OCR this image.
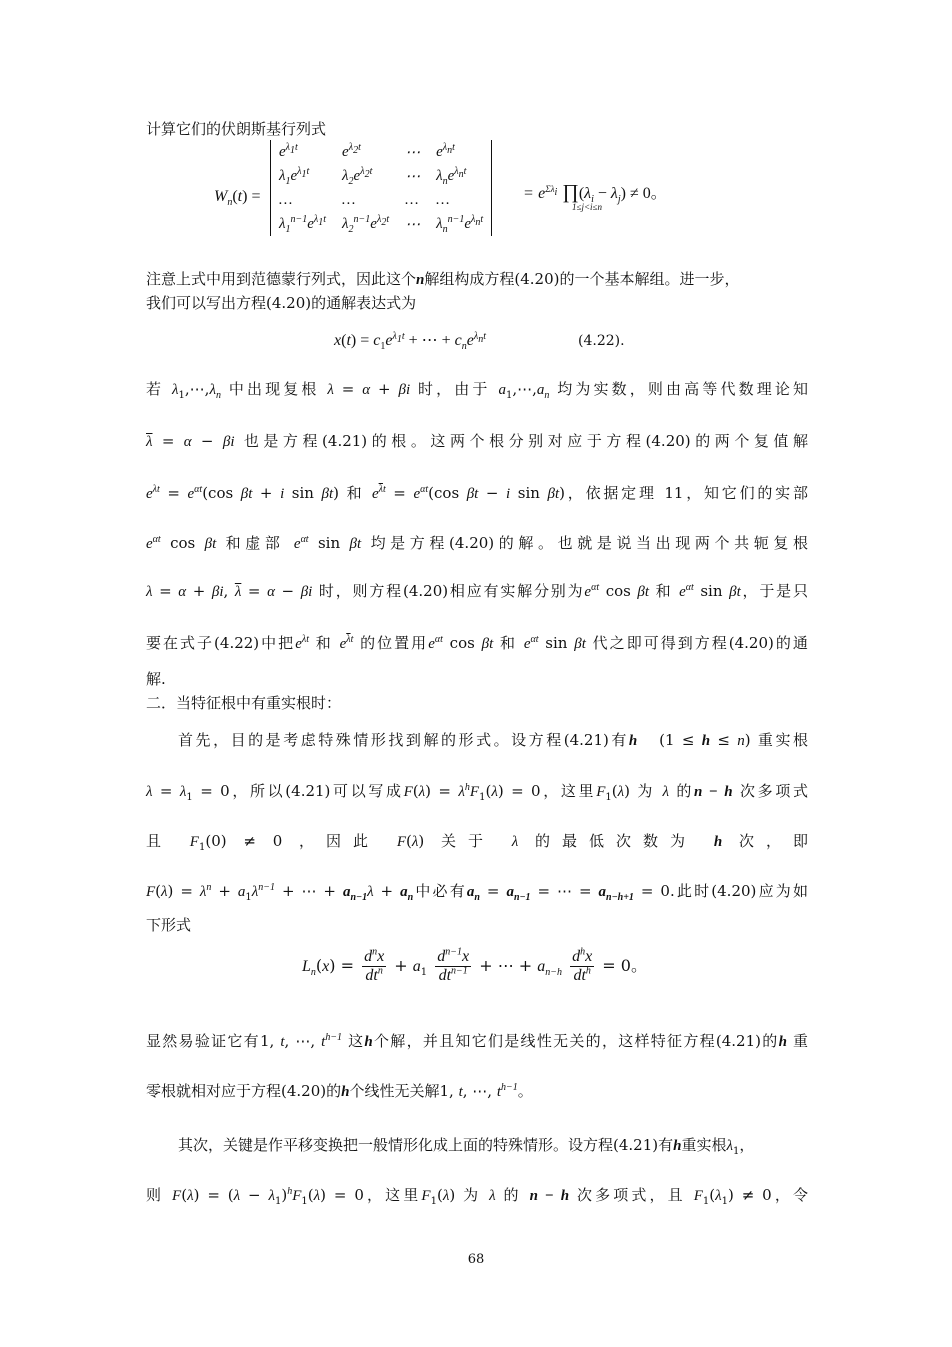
计算它们的伏朗斯基行列式
$W_n(t)$ =
$e^{\lambda_1t}$	$e^{\lambda_2t}$	⋯	$e^{\lambda_nt}$
$\lambda_1e^{\lambda_1t}$	$\lambda_2e^{\lambda_2t}$	⋯	$\lambda_ne^{\lambda_nt}$
…	…	…	…
$\lambda_1^{n-1}e^{\lambda_1t}$	$\lambda_2^{n-1}e^{\lambda_2t}$	⋯	$\lambda_n^{n-1}e^{\lambda_nt}$
= $e^{\Sigma\lambda_i}$ $\prod(\lambda_i - \lambda_j) \ne 0$。
1≤j<i≤n
注意上式中用到范德蒙行列式，因此这个n解组构成方程(4.20)的一个基本解组。进一步，
我们可以写出方程(4.20)的通解表达式为
$x(t) = c_1e^{\lambda_1t}$ + ⋯ + $c_ne^{\lambda_nt}$	(4.22).
若 $\lambda_1,\cdots,\lambda_n$ 中出现复根 λ = α + βi 时，由于 $a_1,\cdots,a_n$ 均为实数，则由高等代数理论知
$\overline{\lambda} = \alpha - \beta i$ 也是方程(4.21)的根。这两个根分别对应于方程(4.20)的两个复值解
$e^{\lambda t} = e^{\alpha t}(\cos$ βt + i sin βt) 和 $e^{\overline{\lambda}t} = e^{\alpha t}(\cos$ βt − i sin βt)，依据定理 11，知它们的实部
$e^{\alpha t}$ cos βt 和虚部 $e^{\alpha t}$ sin βt 均是方程(4.20)的解。也就是说当出现两个共轭复根
λ = α + βi, $\overline{\lambda} = \alpha - \beta i$ 时，则方程(4.20)相应有实解分别为$e^{\alpha t}$ cos βt 和 $e^{\alpha t}$ sin βt，于是只
要在式子(4.22)中把$e^{\lambda t}$ 和 $e^{\overline{\lambda}t}$ 的位置用$e^{\alpha t}$ cos βt 和 $e^{\alpha t}$ sin βt 代之即可得到方程(4.20)的通
解.
二．当特征根中有重实根时：
首先，目的是考虑特殊情形找到解的形式。设方程(4.21)有h   (1 ≤ h ≤ n) 重实根
$\lambda = \lambda_1 = 0$，所以(4.21)可以写成$F(\lambda) = \lambda^hF_1(\lambda) = 0$，这里$F_1(\lambda)$ 为 λ 的n − h 次多项式
且 $F_1(0) \ne 0$ ，因此 F(λ) 关于 λ 的最低次数为 h 次，即
$F(\lambda) = \lambda^n + a_1\lambda^{n-1}$ + ⋯ + $a_{n-1}\lambda + a_n$中必有$a_n = a_{n-1}$ = ⋯ = $a_{n-h+1} = 0$.此时(4.20)应为如
下形式
$L_n(x) = \frac{d^nx}{dt^n} + a_1 \frac{d^{n-1}x}{dt^{n-1}}$ + ⋯ + $a_{n-h} \frac{d^hx}{dt^h} = 0$。
显然易验证它有1, t, ⋯, $t^{h-1}$ 这h个解，并且知它们是线性无关的，这样特征方程(4.21)的h 重
零根就相对应于方程(4.20)的h个线性无关解1, t, ⋯, $t^{h-1}$。
其次，关键是作平移变换把一般情形化成上面的特殊情形。设方程(4.21)有h重实根$\lambda_1$，
则 $F(\lambda) = (\lambda - \lambda_1)^hF_1(\lambda) = 0$，这里$F_1(\lambda)$ 为 λ 的 n − h 次多项式，且 $F_1(\lambda_1) \ne 0$，令
68
